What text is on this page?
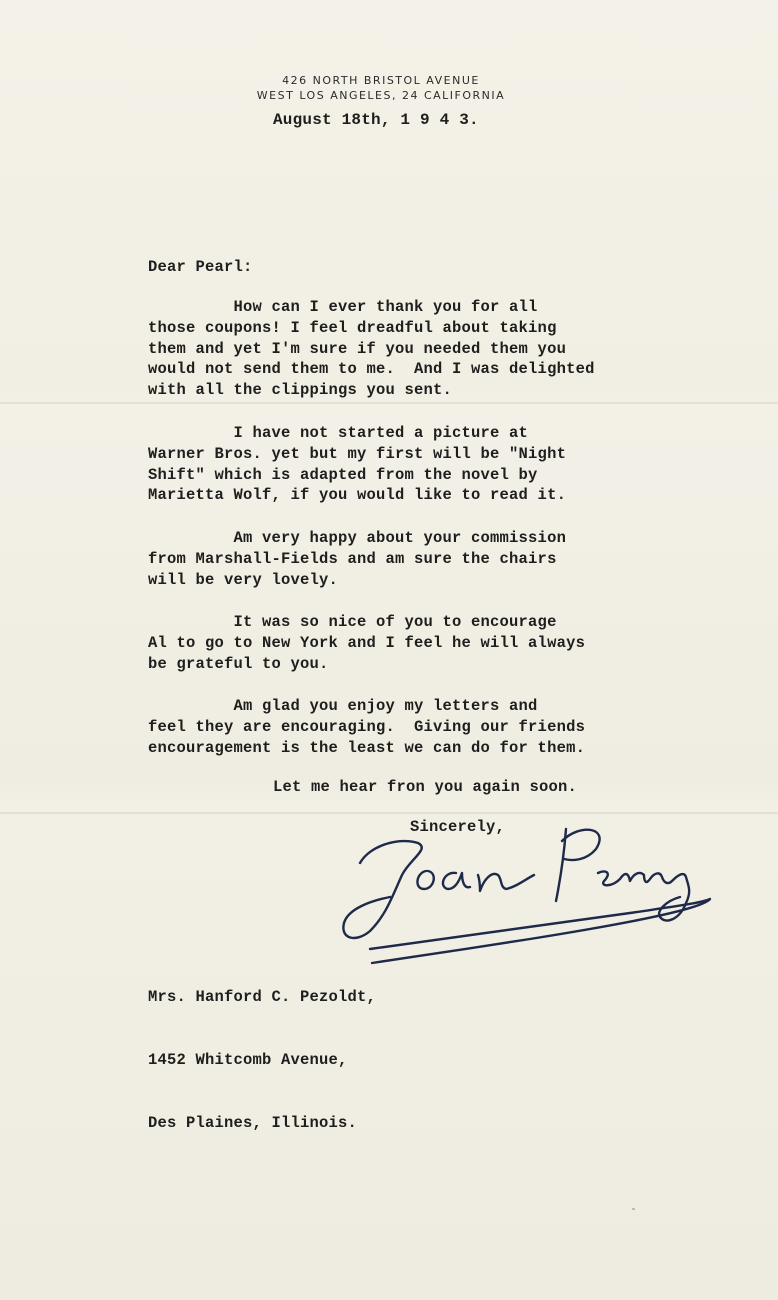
426 NORTH BRISTOL AVENUE
WEST LOS ANGELES, 24 CALIFORNIA
August 18th, 1 9 4 3.
Dear Pearl:
How can I ever thank you for all
those coupons! I feel dreadful about taking
them and yet I'm sure if you needed them you
would not send them to me.  And I was delighted
with all the clippings you sent.
I have not started a picture at
Warner Bros. yet but my first will be "Night
Shift" which is adapted from the novel by
Marietta Wolf, if you would like to read it.
Am very happy about your commission
from Marshall-Fields and am sure the chairs
will be very lovely.
It was so nice of you to encourage
Al to go to New York and I feel he will always
be grateful to you.
Am glad you enjoy my letters and
feel they are encouraging.  Giving our friends
encouragement is the least we can do for them.
Let me hear fron you again soon.
Sincerely,

Mrs. Hanford C. Pezoldt,

1452 Whitcomb Avenue,

Des Plaines, Illinois.
